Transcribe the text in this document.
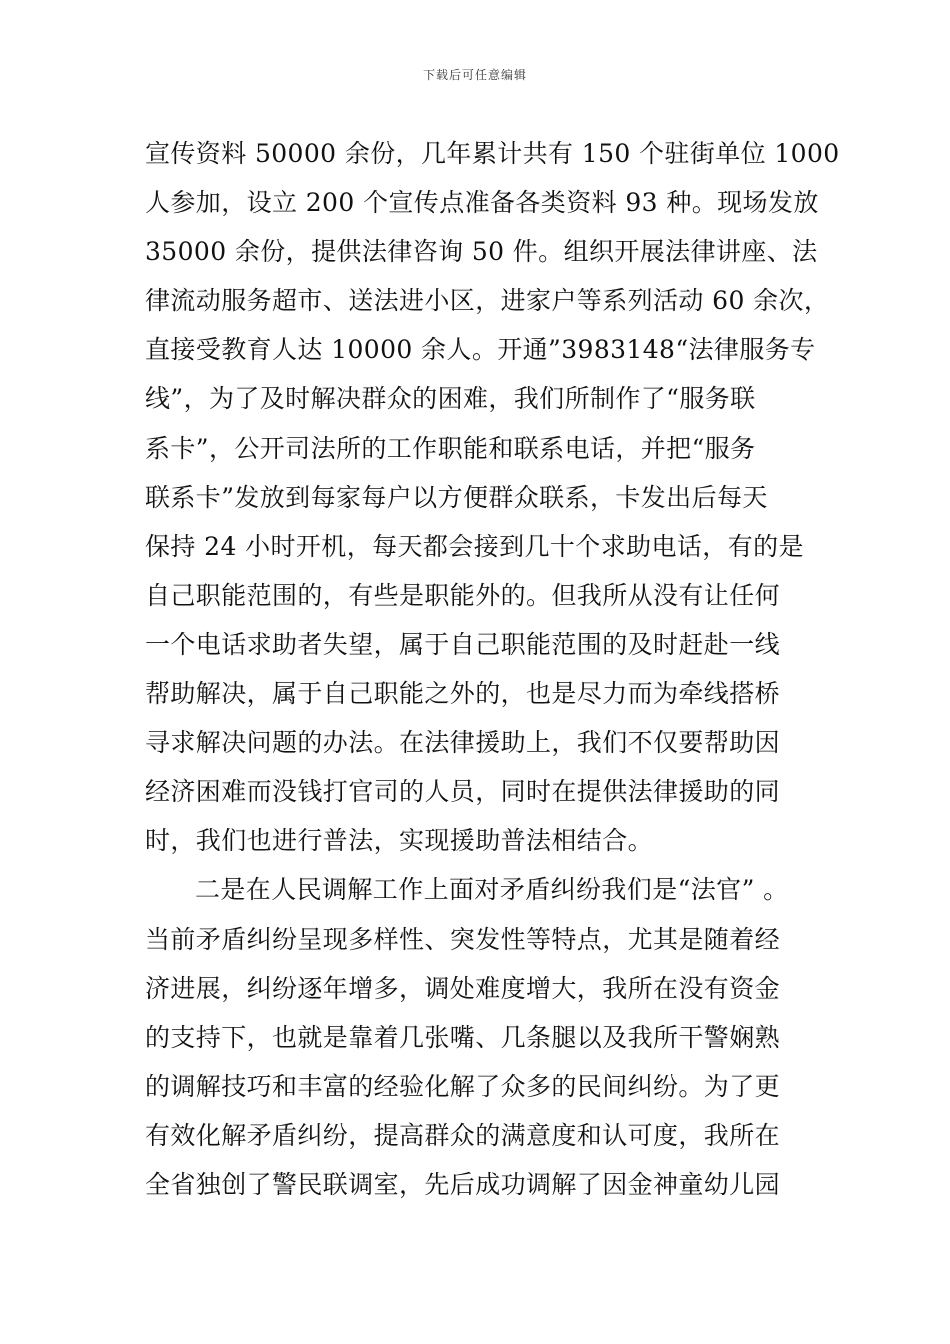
下载后可任意编辑
宣传资料 50000 余份，几年累计共有 150 个驻街单位 1000
人参加，设立 200 个宣传点准备各类资料 93 种。现场发放
35000 余份，提供法律咨询 50 件。组织开展法律讲座、法
律流动服务超市、送法进小区，进家户等系列活动 60 余次，
直接受教育人达 10000 余人。开通”3983148“法律服务专
线”，为了及时解决群众的困难，我们所制作了“服务联
系卡”，公开司法所的工作职能和联系电话，并把“服务
联系卡”发放到每家每户以方便群众联系，卡发出后每天
保持 24 小时开机，每天都会接到几十个求助电话，有的是
自己职能范围的，有些是职能外的。但我所从没有让任何
一个电话求助者失望，属于自己职能范围的及时赶赴一线
帮助解决，属于自己职能之外的，也是尽力而为牵线搭桥
寻求解决问题的办法。在法律援助上，我们不仅要帮助因
经济困难而没钱打官司的人员，同时在提供法律援助的同
时，我们也进行普法，实现援助普法相结合。
二是在人民调解工作上面对矛盾纠纷我们是“法官” 。
当前矛盾纠纷呈现多样性、突发性等特点，尤其是随着经
济进展，纠纷逐年增多，调处难度增大，我所在没有资金
的支持下，也就是靠着几张嘴、几条腿以及我所干警娴熟
的调解技巧和丰富的经验化解了众多的民间纠纷。为了更
有效化解矛盾纠纷，提高群众的满意度和认可度，我所在
全省独创了警民联调室，先后成功调解了因金神童幼儿园
